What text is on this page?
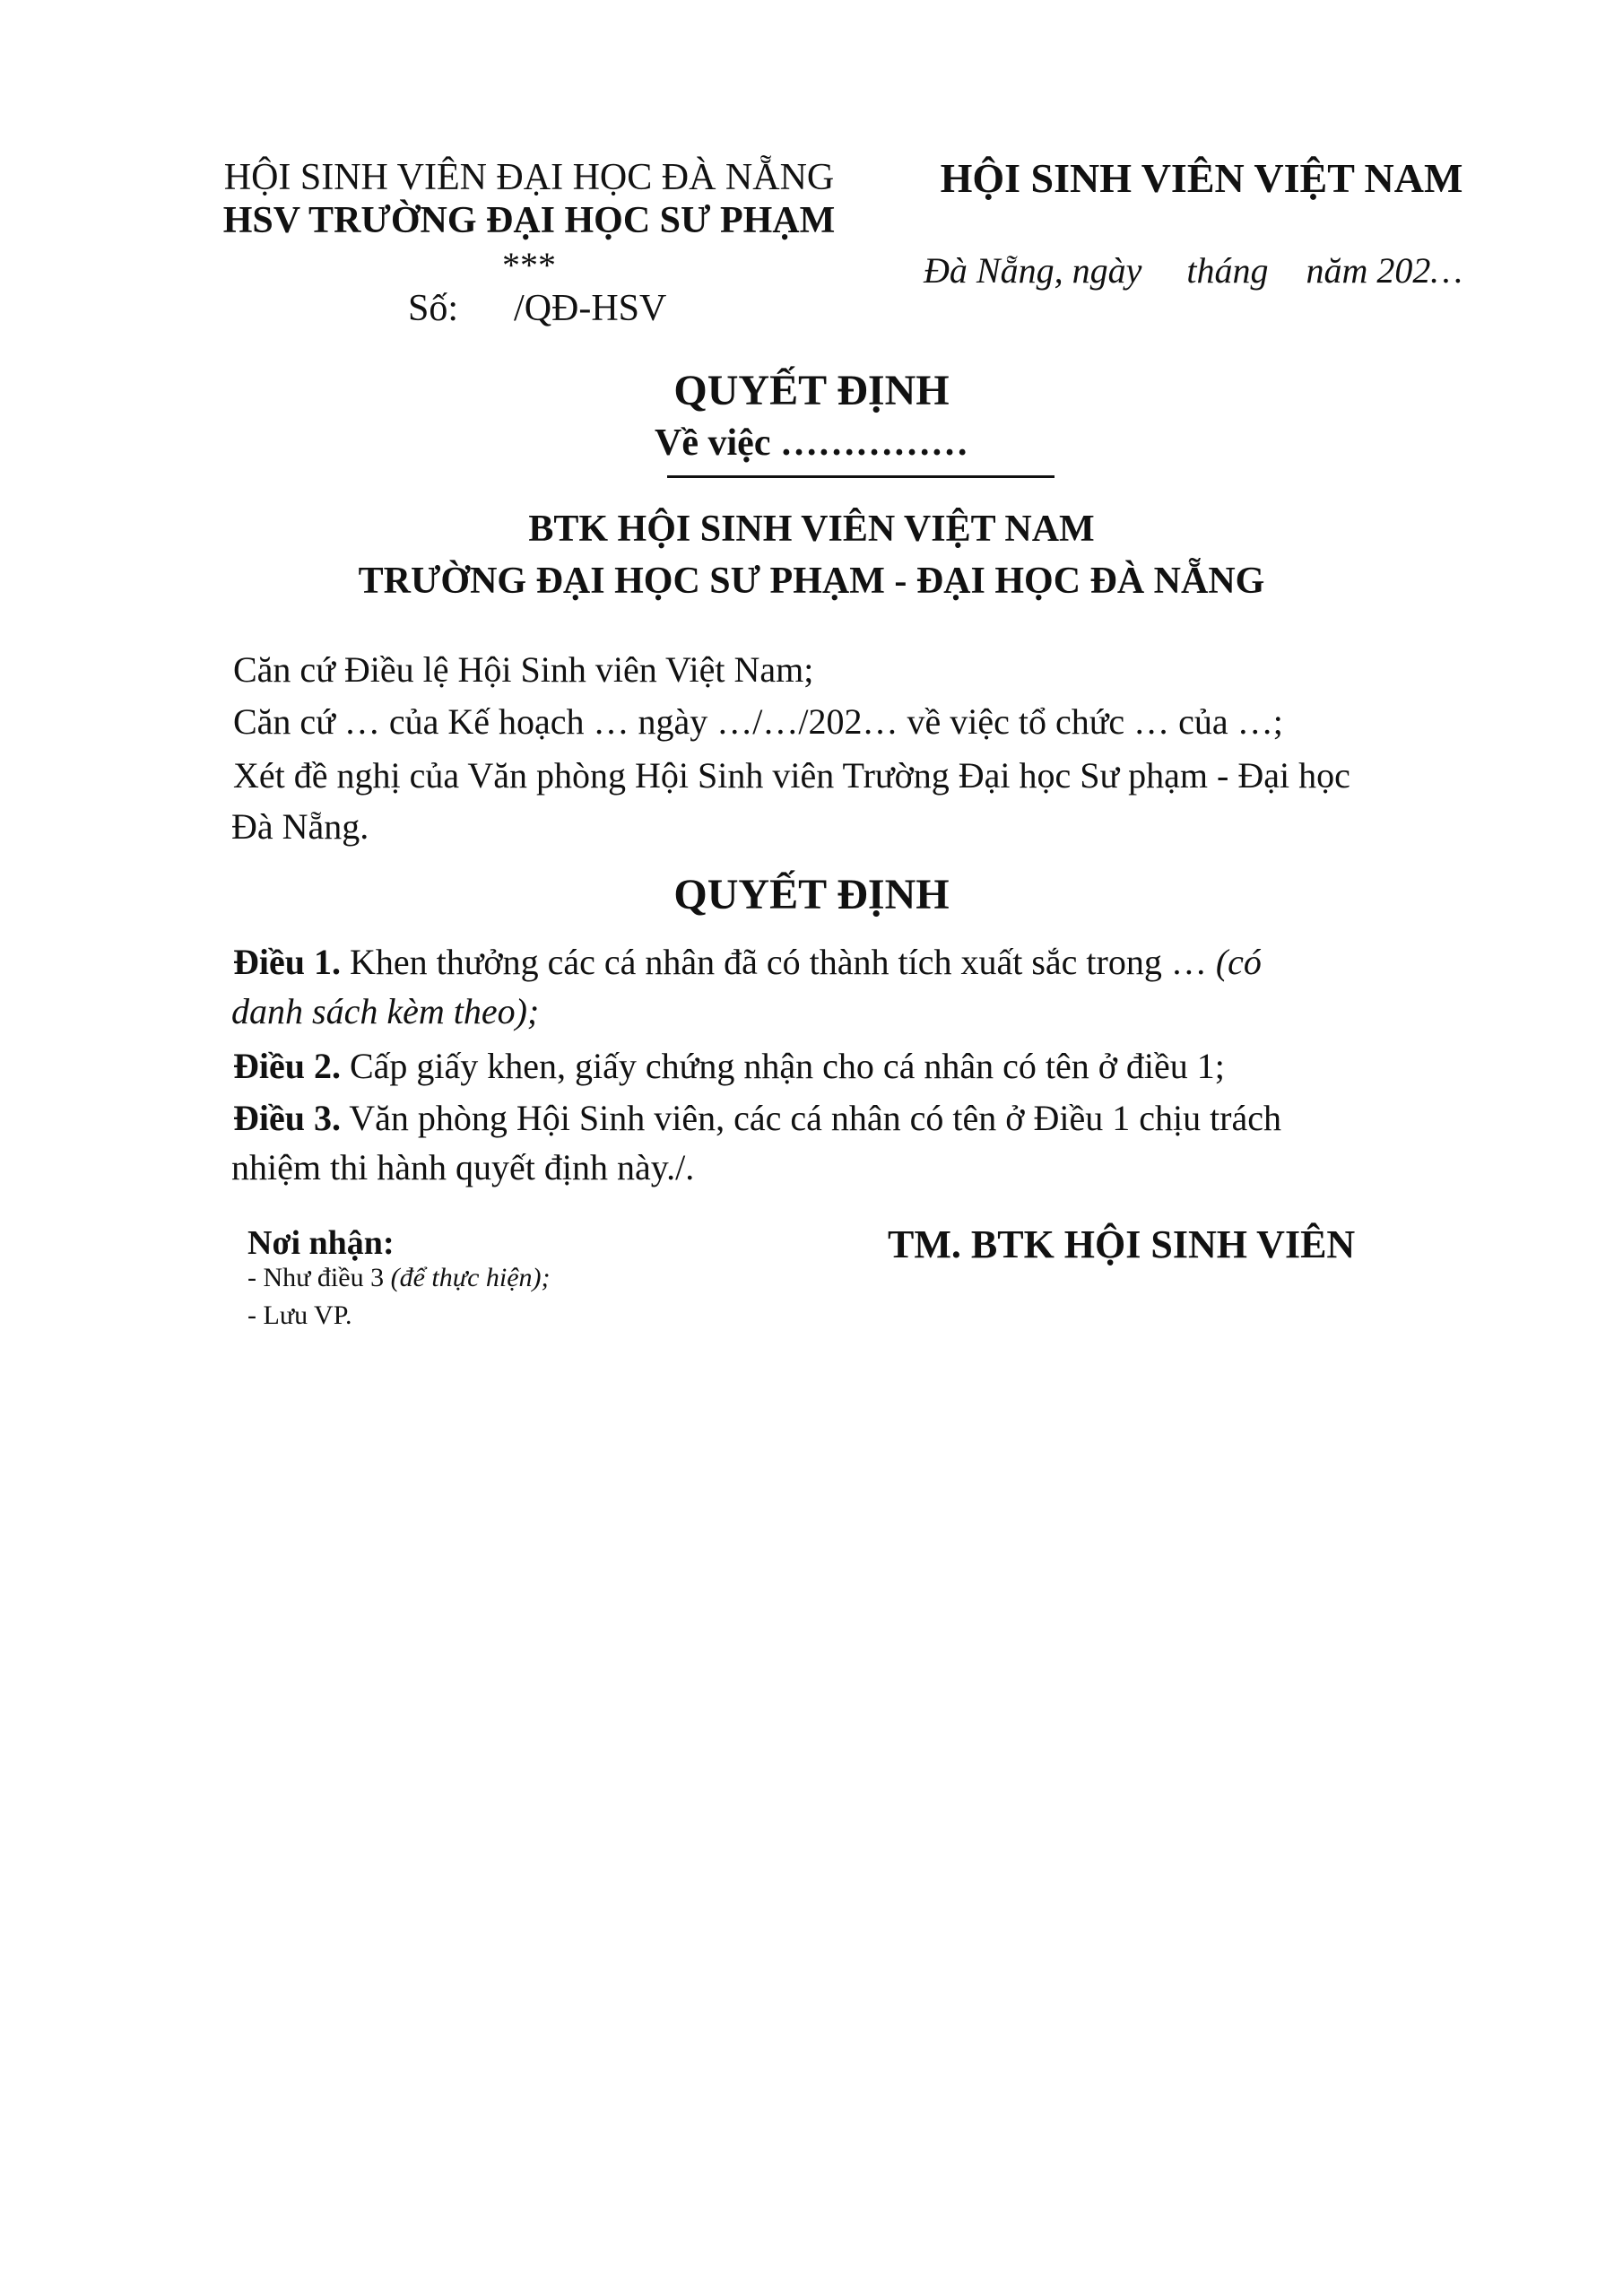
HỘI SINH VIÊN ĐẠI HỌC ĐÀ NẴNG
HSV TRƯỜNG ĐẠI HỌC SƯ PHẠM
***
Số: /QĐ-HSV
HỘI SINH VIÊN VIỆT NAM
Đà Nẵng, ngày tháng năm 202…
QUYẾT ĐỊNH
Về việc ……………
BTK HỘI SINH VIÊN VIỆT NAM
TRƯỜNG ĐẠI HỌC SƯ PHẠM - ĐẠI HỌC ĐÀ NẴNG
Căn cứ Điều lệ Hội Sinh viên Việt Nam;
Căn cứ … của Kế hoạch … ngày …/…/202… về việc tổ chức … của …;
Xét đề nghị của Văn phòng Hội Sinh viên Trường Đại học Sư phạm - Đại học
Đà Nẵng.
QUYẾT ĐỊNH
Điều 1. Khen thưởng các cá nhân đã có thành tích xuất sắc trong … (có
danh sách kèm theo);
Điều 2. Cấp giấy khen, giấy chứng nhận cho cá nhân có tên ở điều 1;
Điều 3. Văn phòng Hội Sinh viên, các cá nhân có tên ở Điều 1 chịu trách
nhiệm thi hành quyết định này./.
Nơi nhận:
- Như điều 3 (để thực hiện);
- Lưu VP.
TM. BTK HỘI SINH VIÊN
